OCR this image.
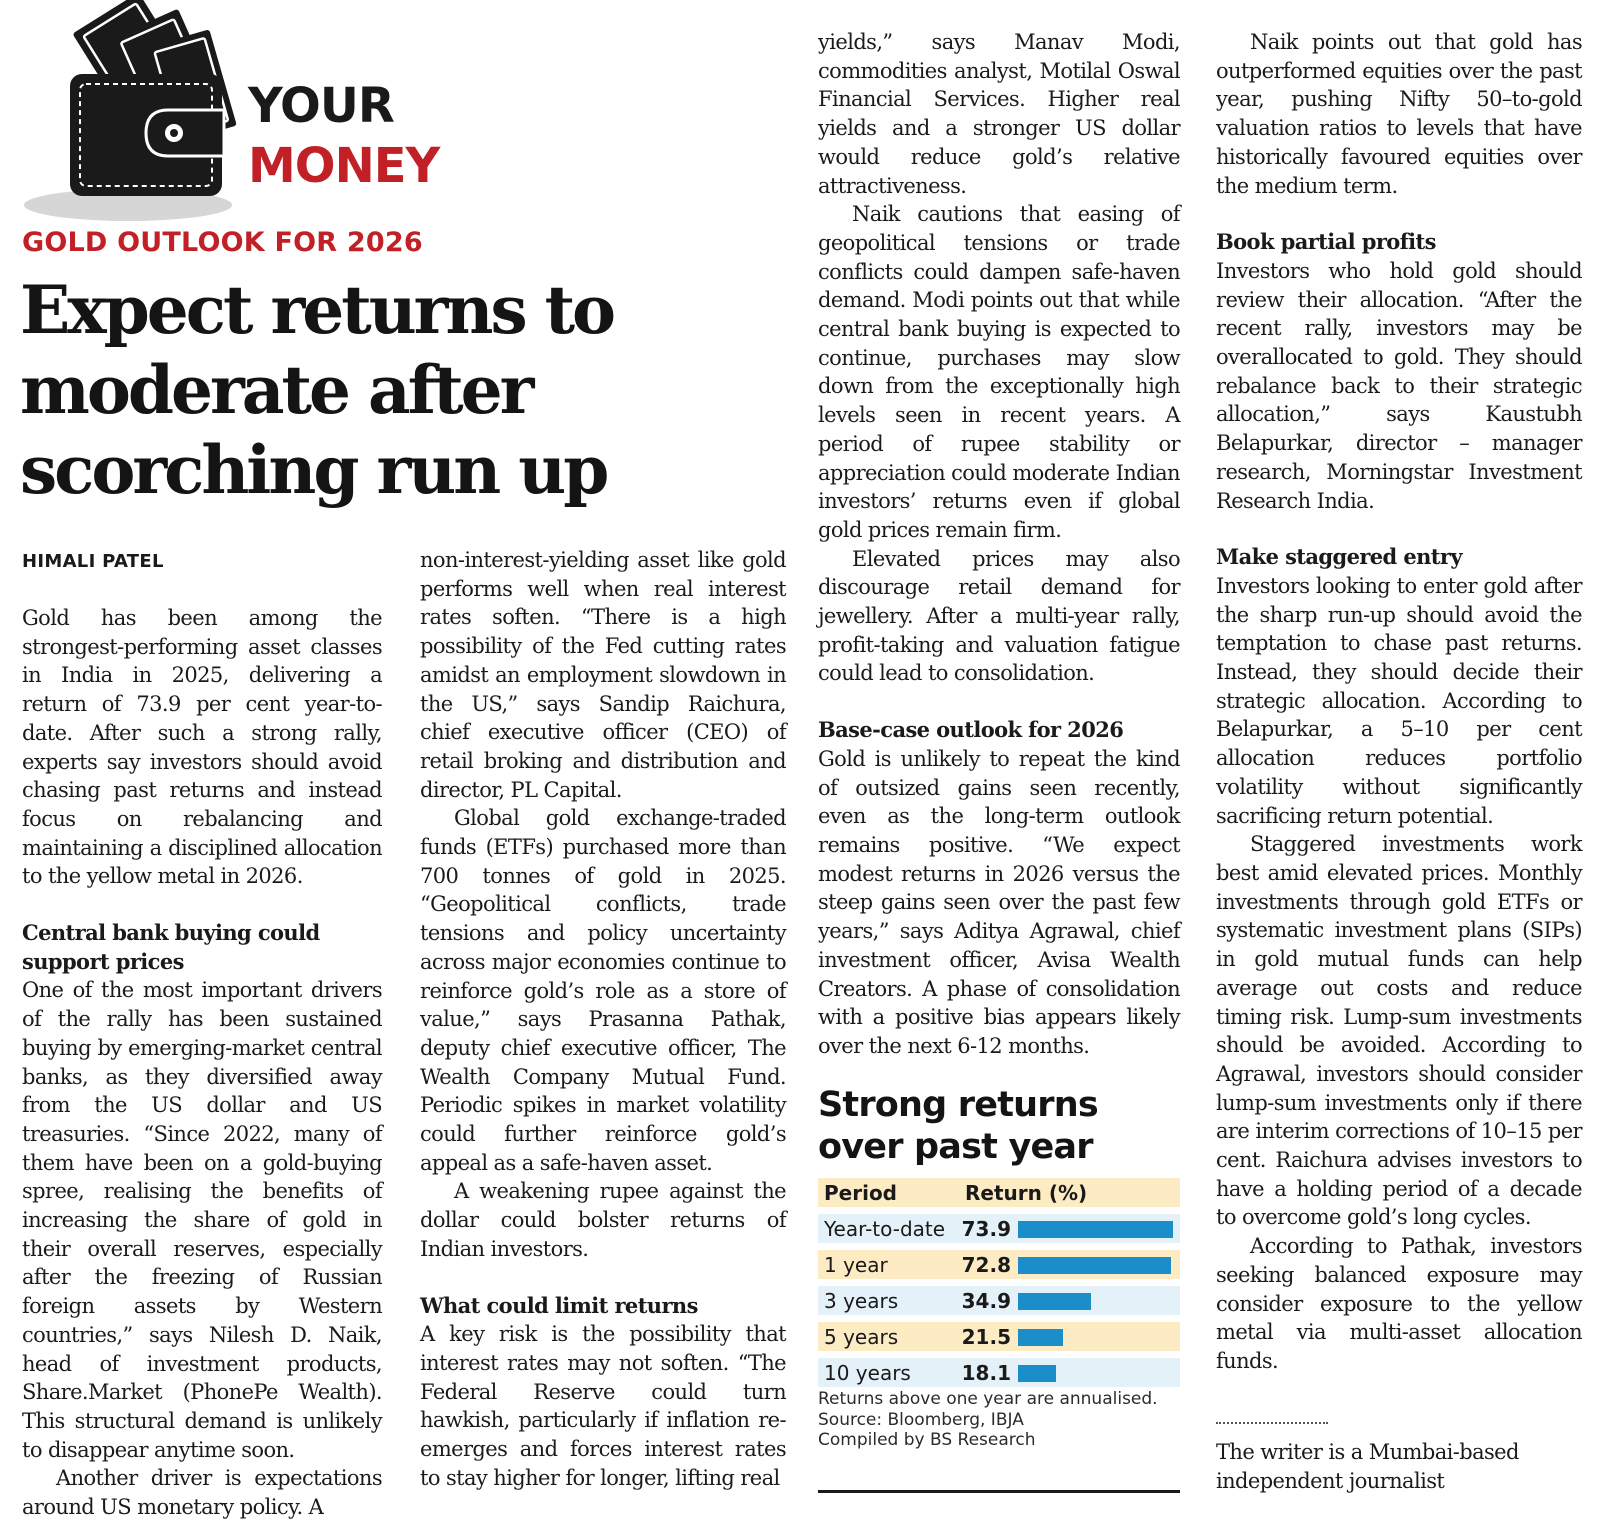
YOUR
MONEY
GOLD OUTLOOK FOR 2026
Expect returns to
moderate after
scorching run up
HIMALI PATEL

Gold has been among the strongest-performing asset classes in India in 2025, delivering a return of 73.9 per cent year-to-date. After such a strong rally, experts say investors should avoid chasing past returns and instead focus on rebalancing and maintaining a disciplined allocation to the yellow metal in 2026.

Central bank buying could support prices

One of the most important drivers of the rally has been sustained buying by emerging-market central banks, as they diversified away from the US dollar and US treasuries. “Since 2022, many of them have been on a gold-buying spree, realising the benefits of increasing the share of gold in their overall reserves, especially after the freezing of Russian foreign assets by Western countries,” says Nilesh D. Naik, head of investment products, Share.Market (PhonePe Wealth). This structural demand is unlikely to disappear anytime soon.

Another driver is expectations around US monetary policy. A

non-interest-yielding asset like gold performs well when real interest rates soften. “There is a high possibility of the Fed cutting rates amidst an employment slowdown in the US,” says Sandip Raichura, chief executive officer (CEO) of retail broking and distribution and director, PL Capital.

Global gold exchange-traded funds (ETFs) purchased more than 700 tonnes of gold in 2025. “Geopolitical conflicts, trade tensions and policy uncertainty across major economies continue to reinforce gold’s role as a store of value,” says Prasanna Pathak, deputy chief executive officer, The Wealth Company Mutual Fund. Periodic spikes in market volatility could further reinforce gold’s appeal as a safe-haven asset.

A weakening rupee against the dollar could bolster returns of Indian investors.

What could limit returns

A key risk is the possibility that interest rates may not soften. “The Federal Reserve could turn hawkish, particularly if inflation re-emerges and forces interest rates to stay higher for longer, lifting real

yields,” says Manav Modi, commodities analyst, Motilal Oswal Financial Services. Higher real yields and a stronger US dollar would reduce gold’s relative attractiveness.

Naik cautions that easing of geopolitical tensions or trade conflicts could dampen safe-haven demand. Modi points out that while central bank buying is expected to continue, purchases may slow down from the exceptionally high levels seen in recent years. A period of rupee stability or appreciation could moderate Indian investors’ returns even if global gold prices remain firm.

Elevated prices may also discourage retail demand for jewellery. After a multi-year rally, profit-taking and valuation fatigue could lead to consolidation.

Base-case outlook for 2026

Gold is unlikely to repeat the kind of outsized gains seen recently, even as the long-term outlook remains positive. “We expect modest returns in 2026 versus the steep gains seen over the past few years,” says Aditya Agrawal, chief investment officer, Avisa Wealth Creators. A phase of consolidation with a positive bias appears likely over the next 6-12 months.

Naik points out that gold has outperformed equities over the past year, pushing Nifty 50–to-gold valuation ratios to levels that have historically favoured equities over the medium term.

Book partial profits

Investors who hold gold should review their allocation. “After the recent rally, investors may be overallocated to gold. They should rebalance back to their strategic allocation,” says Kaustubh Belapurkar, director – manager research, Morningstar Investment Research India.

Make staggered entry

Investors looking to enter gold after the sharp run-up should avoid the temptation to chase past returns. Instead, they should decide their strategic allocation. According to Belapurkar, a 5–10 per cent allocation reduces portfolio volatility without significantly sacrificing return potential.

Staggered investments work best amid elevated prices. Monthly investments through gold ETFs or systematic investment plans (SIPs) in gold mutual funds can help average out costs and reduce timing risk. Lump-sum investments should be avoided. According to Agrawal, investors should consider lump-sum investments only if there are interim corrections of 10–15 per cent. Raichura advises investors to have a holding period of a decade to overcome gold’s long cycles.

According to Pathak, investors seeking balanced exposure may consider exposure to the yellow metal via multi-asset allocation funds.

Strong returns over past year
Period	Return (%)
Year-to-date 73.9
1 year	72.8
3 years	34.9
5 years	21.5
10 years	18.1
Returns above one year are annualised.
Source: Bloomberg, IBJA
Compiled by BS Research	The writer is a Mumbai-based independent journalist
